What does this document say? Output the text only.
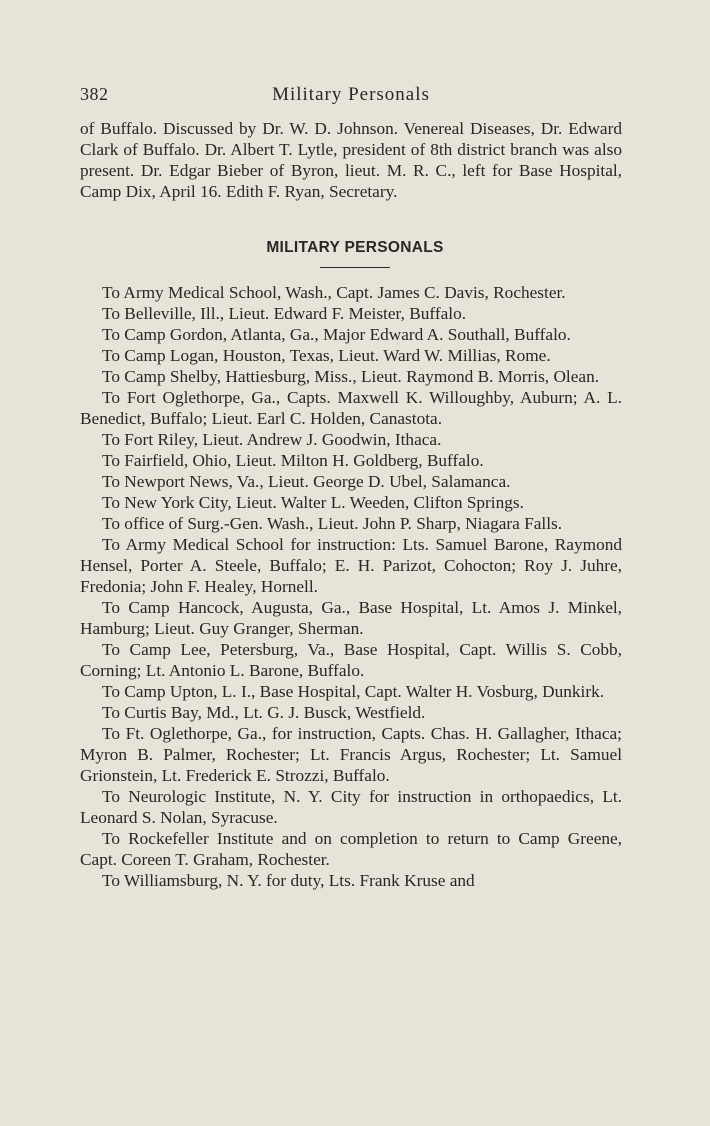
382	Military Personals

of Buffalo. Discussed by Dr. W. D. Johnson. Venereal Diseases, Dr. Edward Clark of Buffalo. Dr. Albert T. Lytle, president of 8th district branch was also present. Dr. Edgar Bieber of Byron, lieut. M. R. C., left for Base Hospital, Camp Dix, April 16. Edith F. Ryan, Secretary.

MILITARY PERSONALS

To Army Medical School, Wash., Capt. James C. Davis, Rochester.

To Belleville, Ill., Lieut. Edward F. Meister, Buffalo.

To Camp Gordon, Atlanta, Ga., Major Edward A. Southall, Buffalo.

To Camp Logan, Houston, Texas, Lieut. Ward W. Millias, Rome.

To Camp Shelby, Hattiesburg, Miss., Lieut. Raymond B. Morris, Olean.

To Fort Oglethorpe, Ga., Capts. Maxwell K. Willoughby, Auburn; A. L. Benedict, Buffalo; Lieut. Earl C. Holden, Canastota.

To Fort Riley, Lieut. Andrew J. Goodwin, Ithaca.

To Fairfield, Ohio, Lieut. Milton H. Goldberg, Buffalo.

To Newport News, Va., Lieut. George D. Ubel, Salamanca.

To New York City, Lieut. Walter L. Weeden, Clifton Springs.

To office of Surg.-Gen. Wash., Lieut. John P. Sharp, Niagara Falls.

To Army Medical School for instruction: Lts. Samuel Barone, Raymond Hensel, Porter A. Steele, Buffalo; E. H. Parizot, Cohocton; Roy J. Juhre, Fredonia; John F. Healey, Hornell.

To Camp Hancock, Augusta, Ga., Base Hospital, Lt. Amos J. Minkel, Hamburg; Lieut. Guy Granger, Sherman.

To Camp Lee, Petersburg, Va., Base Hospital, Capt. Willis S. Cobb, Corning; Lt. Antonio L. Barone, Buffalo.

To Camp Upton, L. I., Base Hospital, Capt. Walter H. Vosburg, Dunkirk.

To Curtis Bay, Md., Lt. G. J. Busck, Westfield.

To Ft. Oglethorpe, Ga., for instruction, Capts. Chas. H. Gallagher, Ithaca; Myron B. Palmer, Rochester; Lt. Francis Argus, Rochester; Lt. Samuel Grionstein, Lt. Frederick E. Strozzi, Buffalo.

To Neurologic Institute, N. Y. City for instruction in orthopaedics, Lt. Leonard S. Nolan, Syracuse.

To Rockefeller Institute and on completion to return to Camp Greene, Capt. Coreen T. Graham, Rochester.

To Williamsburg, N. Y. for duty, Lts. Frank Kruse and
